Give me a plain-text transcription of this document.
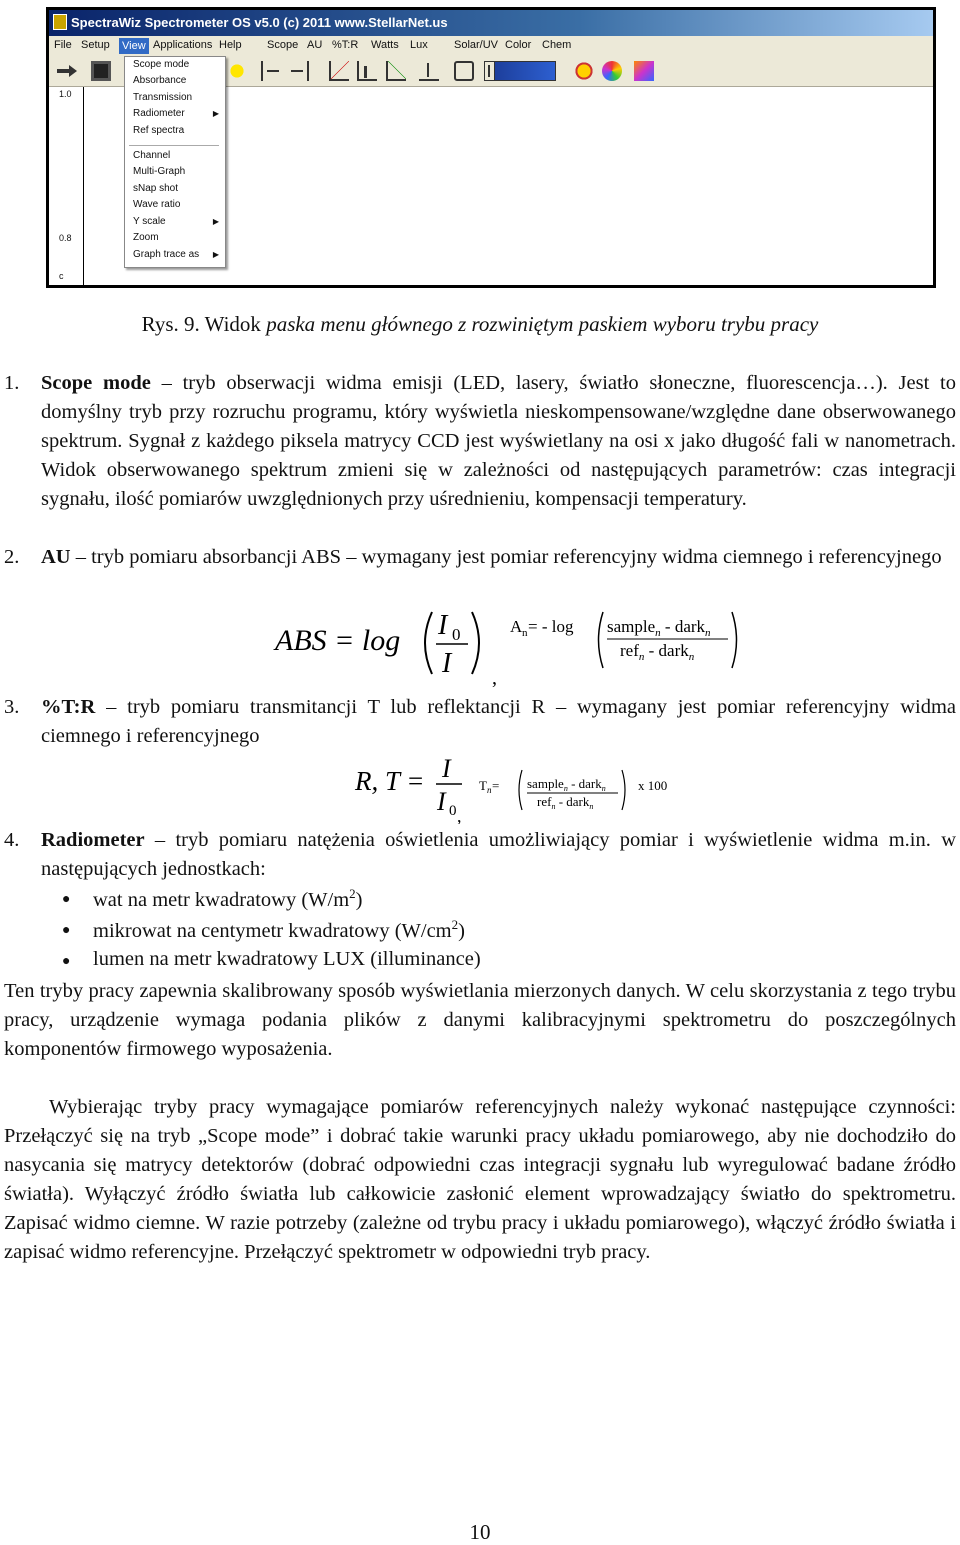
SpectraWiz Spectrometer OS v5.0 (c) 2011 www.StellarNet.us
File Setup View Applications Help Scope AU %T:R Watts Lux Solar/UV Color Chem
1.0
0.8
c
Scope mode
Absorbance
Transmission
Radiometer	▶
Ref spectra
Channel
Multi-Graph
sNap shot
Wave ratio
Y scale	▶
Zoom
Graph trace as ▶
Rys. 9. Widok paska menu głównego z rozwiniętym paskiem wyboru trybu pracy
1. Scope mode – tryb obserwacji widma emisji (LED, lasery, światło słoneczne, fluorescencja…). Jest to domyślny tryb przy rozruchu programu, który wyświetla nieskompensowane/względne dane obserwowanego spektrum. Sygnał z każdego piksela matrycy CCD jest wyświetlany na osi x jako długość fali w nanometrach. Widok obserwowanego spektrum zmieni się w zależności od następujących parametrów: czas integracji sygnału, ilość pomiarów uwzględnionych przy uśrednieniu, kompensacji temperatury.
2. AU – tryb pomiaru absorbancji ABS – wymagany jest pomiar referencyjny widma ciemnego i referencyjnego
ABS = log I 0
I
A n = - log sample$_n$ - dark$_n$
ref$_n$ - dark$_n$
,
3. %T:R – tryb pomiaru transmitancji T lub reflektancji R – wymagany jest pomiar referencyjny widma ciemnego i referencyjnego
R, T = I
I 0
T n = sample$_n$ - dark$_n$
ref$_n$ - dark$_n$
x 100
,
4. Radiometer – tryb pomiaru natężenia oświetlenia umożliwiający pomiar i wyświetlenie widma m.in. w następujących jednostkach:
● wat na metr kwadratowy $(W/m^2)$
● mikrowat na centymetr kwadratowy $(W/cm^2)$
● lumen na metr kwadratowy LUX (illuminance)
Ten tryby pracy zapewnia skalibrowany sposób wyświetlania mierzonych danych. W celu skorzystania z tego trybu pracy, urządzenie wymaga podania plików z danymi kalibracyjnymi spektrometru do poszczególnych komponentów firmowego wyposażenia.
Wybierając tryby pracy wymagające pomiarów referencyjnych należy wykonać następujące czynności: Przełączyć się na tryb „Scope mode” i dobrać takie warunki pracy układu pomiarowego, aby nie dochodziło do nasycania się matrycy detektorów (dobrać odpowiedni czas integracji sygnału lub wyregulować badane źródło światła). Wyłączyć źródło światła lub całkowicie zasłonić element wprowadzający światło do spektrometru. Zapisać widmo ciemne. W razie potrzeby (zależne od trybu pracy i układu pomiarowego), włączyć źródło światła i zapisać widmo referencyjne. Przełączyć spektrometr w odpowiedni tryb pracy.
10
